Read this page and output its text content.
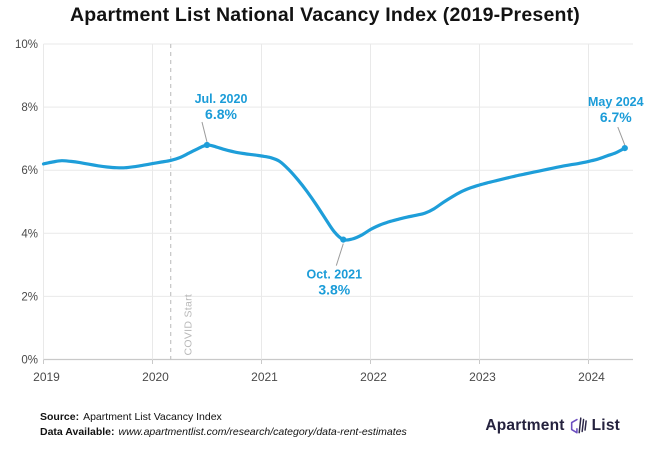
Apartment List National Vacancy Index (2019-Present)
0%
2%
4%
6%
8%
10%
2019	2020	2021	2022	2023	2024
COVID Start
Jul. 2020
6.8%
Oct. 2021
3.8%
May 2024
6.7%
Source: Apartment List Vacancy Index
Data Available: www.apartmentlist.com/research/category/data-rent-estimates	Apartment List
